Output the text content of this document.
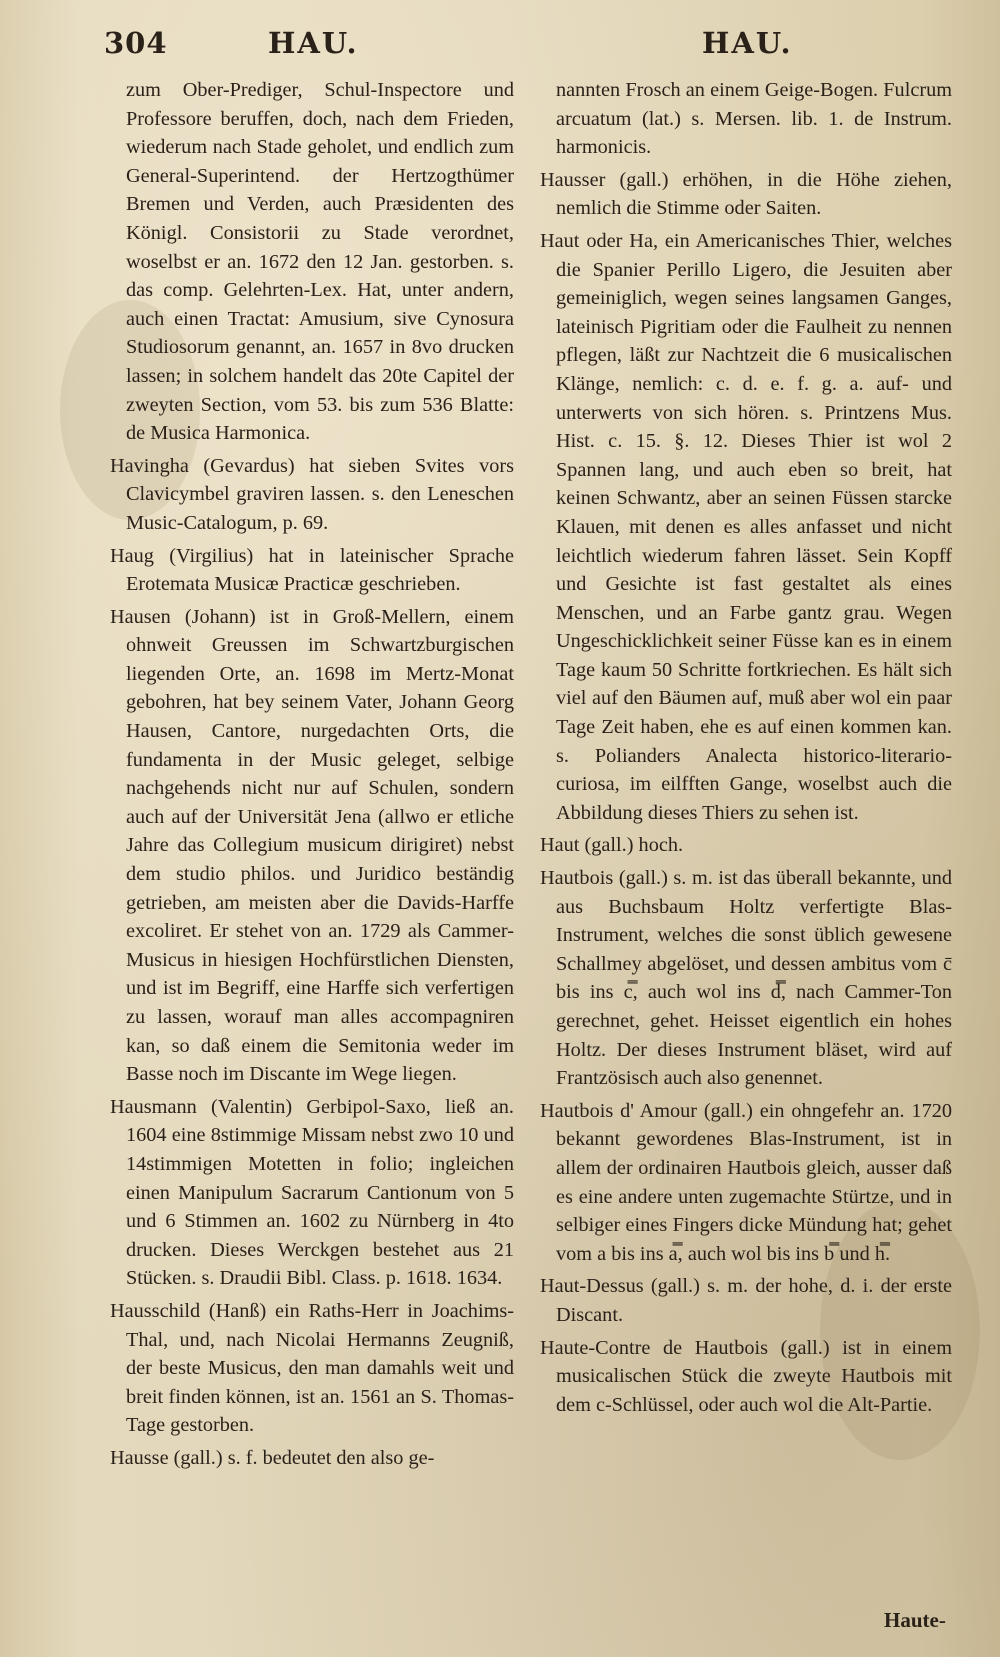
304	HAU.	HAU.

zum Ober-Prediger, Schul-Inspectore und Professore beruffen, doch, nach dem Frieden, wiederum nach Stade geholet, und endlich zum General-Superintend. der Hertzogthümer Bremen und Verden, auch Præsidenten des Königl. Consistorii zu Stade verordnet, woselbst er an. 1672 den 12 Jan. gestorben. s. das comp. Gelehrten-Lex. Hat, unter andern, auch einen Tractat: Amusium, sive Cynosura Studiosorum genannt, an. 1657 in 8vo drucken lassen; in solchem handelt das 20te Capitel der zweyten Section, vom 53. bis zum 536 Blatte: de Musica Harmonica.

Havingha (Gevardus) hat sieben Svites vors Clavicymbel graviren lassen. s. den Leneschen Music-Catalogum, p. 69.

Haug (Virgilius) hat in lateinischer Sprache Erotemata Musicæ Practicæ geschrieben.

Hausen (Johann) ist in Groß-Mellern, einem ohnweit Greussen im Schwartzburgischen liegenden Orte, an. 1698 im Mertz-Monat gebohren, hat bey seinem Vater, Johann Georg Hausen, Cantore, nurgedachten Orts, die fundamenta in der Music geleget, selbige nachgehends nicht nur auf Schulen, sondern auch auf der Universität Jena (allwo er etliche Jahre das Collegium musicum dirigiret) nebst dem studio philos. und Juridico beständig getrieben, am meisten aber die Davids-Harffe excoliret. Er stehet von an. 1729 als Cammer-Musicus in hiesigen Hochfürstlichen Diensten, und ist im Begriff, eine Harffe sich verfertigen zu lassen, worauf man alles accompagniren kan, so daß einem die Semitonia weder im Basse noch im Discante im Wege liegen.

Hausmann (Valentin) Gerbipol-Saxo, ließ an. 1604 eine 8stimmige Missam nebst zwo 10 und 14stimmigen Motetten in folio; ingleichen einen Manipulum Sacrarum Cantionum von 5 und 6 Stimmen an. 1602 zu Nürnberg in 4to drucken. Dieses Werckgen bestehet aus 21 Stücken. s. Draudii Bibl. Class. p. 1618. 1634.

Hausschild (Hanß) ein Raths-Herr in Joachims-Thal, und, nach Nicolai Hermanns Zeugniß, der beste Musicus, den man damahls weit und breit finden können, ist an. 1561 an S. Thomas-Tage gestorben.

Hausse (gall.) s. f. bedeutet den also ge-

nannten Frosch an einem Geige-Bogen. Fulcrum arcuatum (lat.) s. Mersen. lib. 1. de Instrum. harmonicis.

Hausser (gall.) erhöhen, in die Höhe ziehen, nemlich die Stimme oder Saiten.

Haut oder Ha, ein Americanisches Thier, welches die Spanier Perillo Ligero, die Jesuiten aber gemeiniglich, wegen seines langsamen Ganges, lateinisch Pigritiam oder die Faulheit zu nennen pflegen, läßt zur Nachtzeit die 6 musicalischen Klänge, nemlich: c. d. e. f. g. a. auf- und unterwerts von sich hören. s. Printzens Mus. Hist. c. 15. §. 12. Dieses Thier ist wol 2 Spannen lang, und auch eben so breit, hat keinen Schwantz, aber an seinen Füssen starcke Klauen, mit denen es alles anfasset und nicht leichtlich wiederum fahren lässet. Sein Kopff und Gesichte ist fast gestaltet als eines Menschen, und an Farbe gantz grau. Wegen Ungeschicklichkeit seiner Füsse kan es in einem Tage kaum 50 Schritte fortkriechen. Es hält sich viel auf den Bäumen auf, muß aber wol ein paar Tage Zeit haben, ehe es auf einen kommen kan. s. Polianders Analecta historico-literario-curiosa, im eilfften Gange, woselbst auch die Abbildung dieses Thiers zu sehen ist.

Haut (gall.) hoch.

Hautbois (gall.) s. m. ist das überall bekannte, und aus Buchsbaum Holtz verfertigte Blas-Instrument, welches die sonst üblich gewesene Schallmey abgelöset, und dessen ambitus vom c̄ bis ins c̿, auch wol ins d̿, nach Cammer-Ton gerechnet, gehet. Heisset eigentlich ein hohes Holtz. Der dieses Instrument bläset, wird auf Frantzösisch auch also genennet.

Hautbois d' Amour (gall.) ein ohngefehr an. 1720 bekannt gewordenes Blas-Instrument, ist in allem der ordinairen Hautbois gleich, ausser daß es eine andere unten zugemachte Stürtze, und in selbiger eines Fingers dicke Mündung hat; gehet vom a bis ins a̿, auch wol bis ins b̿ und h̿.

Haut-Dessus (gall.) s. m. der hohe, d. i. der erste Discant.

Haute-Contre de Hautbois (gall.) ist in einem musicalischen Stück die zweyte Hautbois mit dem c-Schlüssel, oder auch wol die Alt-Partie.

Haute-
